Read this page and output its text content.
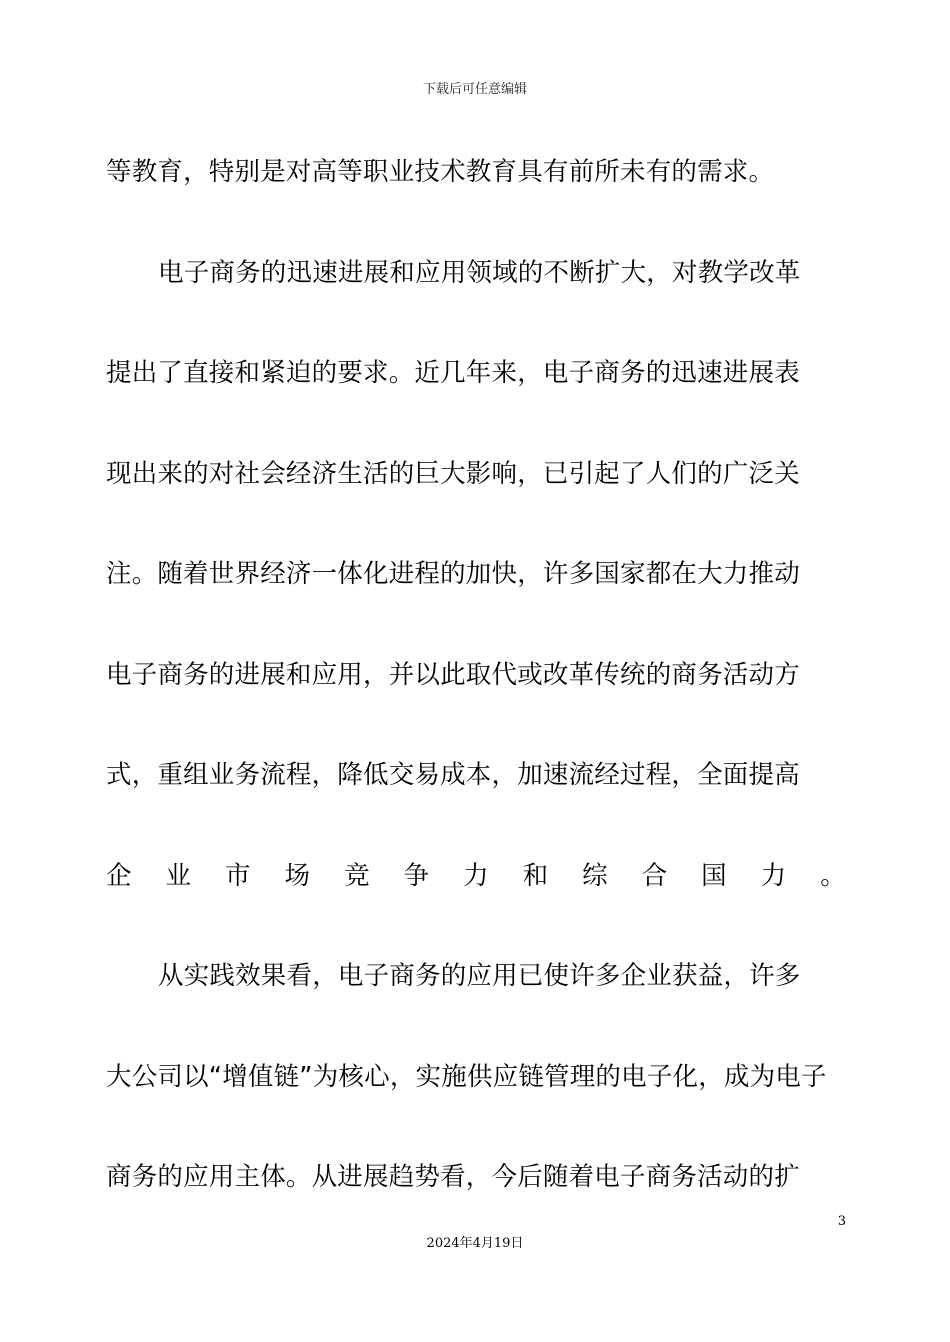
下载后可任意编辑
等教育，特别是对高等职业技术教育具有前所未有的需求。
电子商务的迅速进展和应用领域的不断扩大，对教学改革
提出了直接和紧迫的要求。近几年来，电子商务的迅速进展表
现出来的对社会经济生活的巨大影响，已引起了人们的广泛关
注。随着世界经济一体化进程的加快，许多国家都在大力推动
电子商务的进展和应用，并以此取代或改革传统的商务活动方
式，重组业务流程，降低交易成本，加速流经过程，全面提高
企 业 市 场 竞 争 力 和 综 合 国 力 。
从实践效果看，电子商务的应用已使许多企业获益，许多
大公司以“增值链”为核心，实施供应链管理的电子化，成为电子
商务的应用主体。从进展趋势看，今后随着电子商务活动的扩
3
2024年4月19日
